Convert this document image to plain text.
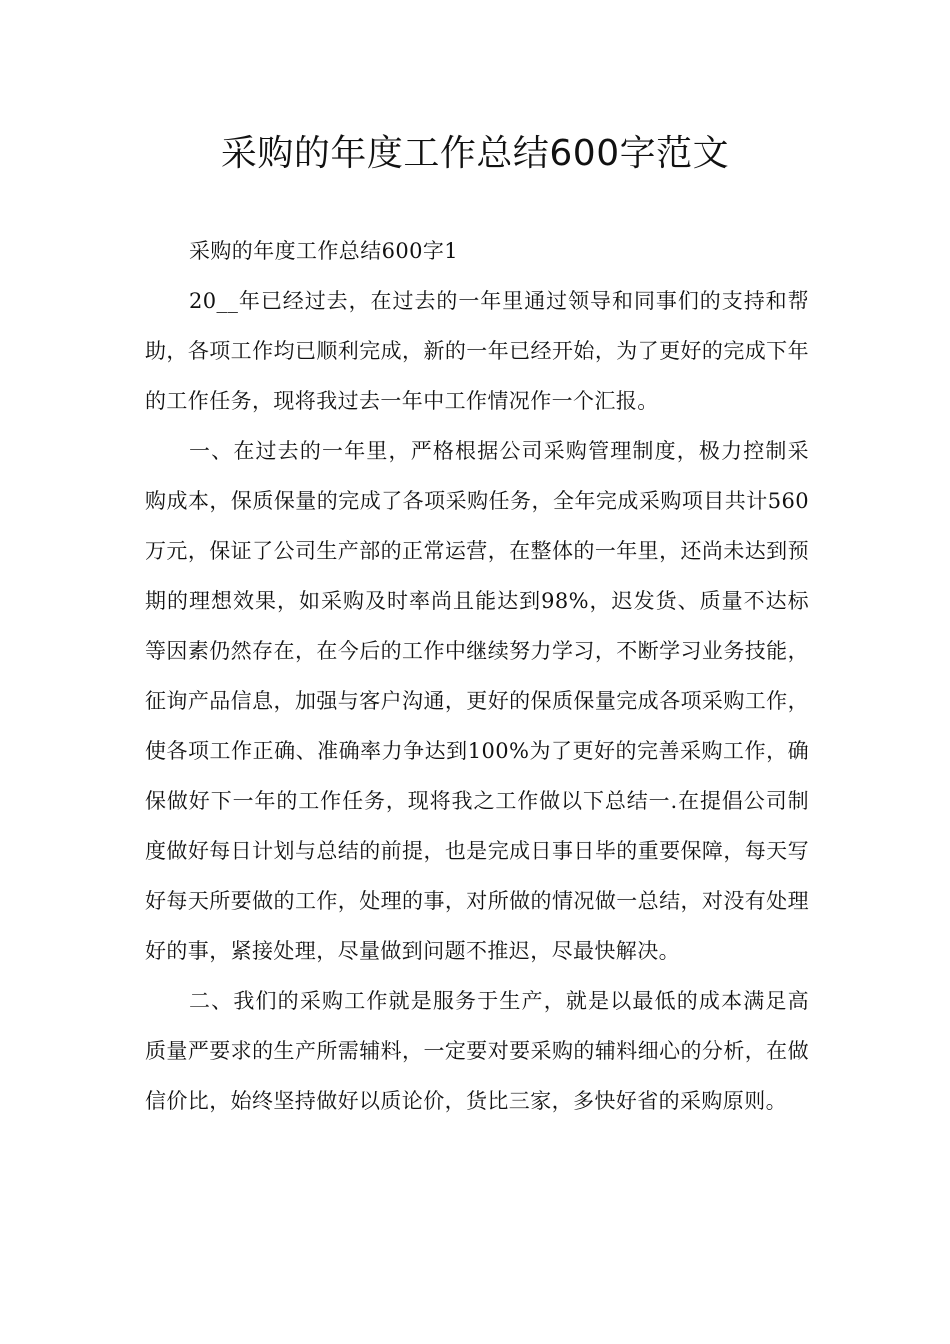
采购的年度工作总结600字范文

采购的年度工作总结600字1

20__年已经过去，在过去的一年里通过领导和同事们的支持和帮助，各项工作均已顺利完成，新的一年已经开始，为了更好的完成下年的工作任务，现将我过去一年中工作情况作一个汇报。

一、在过去的一年里，严格根据公司采购管理制度，极力控制采购成本，保质保量的完成了各项采购任务，全年完成采购项目共计560万元，保证了公司生产部的正常运营，在整体的一年里，还尚未达到预期的理想效果，如采购及时率尚且能达到98%，迟发货、质量不达标等因素仍然存在，在今后的工作中继续努力学习，不断学习业务技能，征询产品信息，加强与客户沟通，更好的保质保量完成各项采购工作，使各项工作正确、准确率力争达到100%为了更好的完善采购工作，确保做好下一年的工作任务，现将我之工作做以下总结一.在提倡公司制度做好每日计划与总结的前提，也是完成日事日毕的重要保障，每天写好每天所要做的工作，处理的事，对所做的情况做一总结，对没有处理好的事，紧接处理，尽量做到问题不推迟，尽最快解决。

二、我们的采购工作就是服务于生产，就是以最低的成本满足高质量严要求的生产所需辅料，一定要对要采购的辅料细心的分析，在做信价比，始终坚持做好以质论价，货比三家，多快好省的采购原则。
